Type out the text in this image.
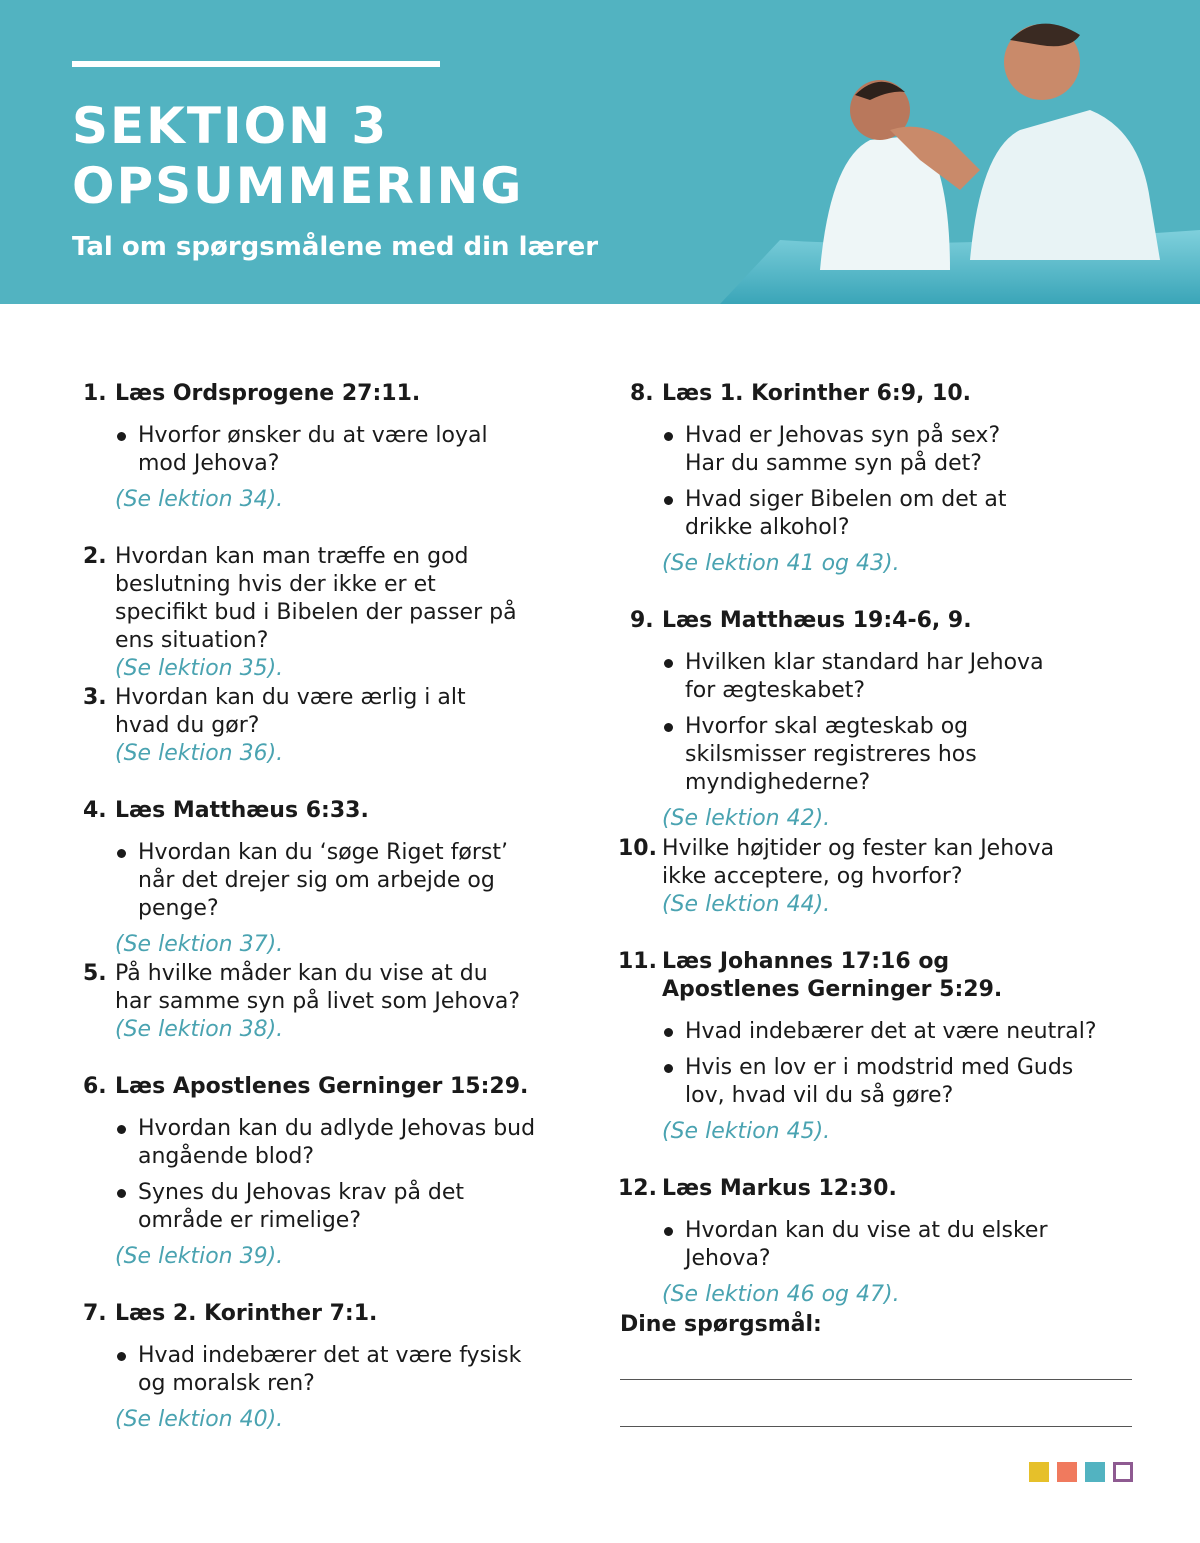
SEKTION 3
OPSUMMERING
Tal om spørgsmålene med din lærer
1. Læs Ordsprogene 27:11.
Hvorfor ønsker du at være loyal mod Jehova?
(Se lektion 34).
2. Hvordan kan man træffe en god beslutning hvis der ikke er et specifikt bud i Bibelen der passer på ens situation?
(Se lektion 35).
3. Hvordan kan du være ærlig i alt hvad du gør?
(Se lektion 36).
4. Læs Matthæus 6:33.
Hvordan kan du ‘søge Riget først’ når det drejer sig om arbejde og penge?
(Se lektion 37).
5. På hvilke måder kan du vise at du har samme syn på livet som Jehova?
(Se lektion 38).
6. Læs Apostlenes Gerninger 15:29.
Hvordan kan du adlyde Jehovas bud angående blod?
Synes du Jehovas krav på det område er rimelige?
(Se lektion 39).
7. Læs 2. Korinther 7:1.
Hvad indebærer det at være fysisk og moralsk ren?
(Se lektion 40).
8. Læs 1. Korinther 6:9, 10.
Hvad er Jehovas syn på sex? Har du samme syn på det?
Hvad siger Bibelen om det at drikke alkohol?
(Se lektion 41 og 43).
9. Læs Matthæus 19:4-6, 9.
Hvilken klar standard har Jehova for ægteskabet?
Hvorfor skal ægteskab og skilsmisser registreres hos myndighederne?
(Se lektion 42).
10. Hvilke højtider og fester kan Jehova ikke acceptere, og hvorfor?
(Se lektion 44).
11. Læs Johannes 17:16 og Apostlenes Gerninger 5:29.
Hvad indebærer det at være neutral?
Hvis en lov er i modstrid med Guds lov, hvad vil du så gøre?
(Se lektion 45).
12. Læs Markus 12:30.
Hvordan kan du vise at du elsker Jehova?
(Se lektion 46 og 47).
Dine spørgsmål:
